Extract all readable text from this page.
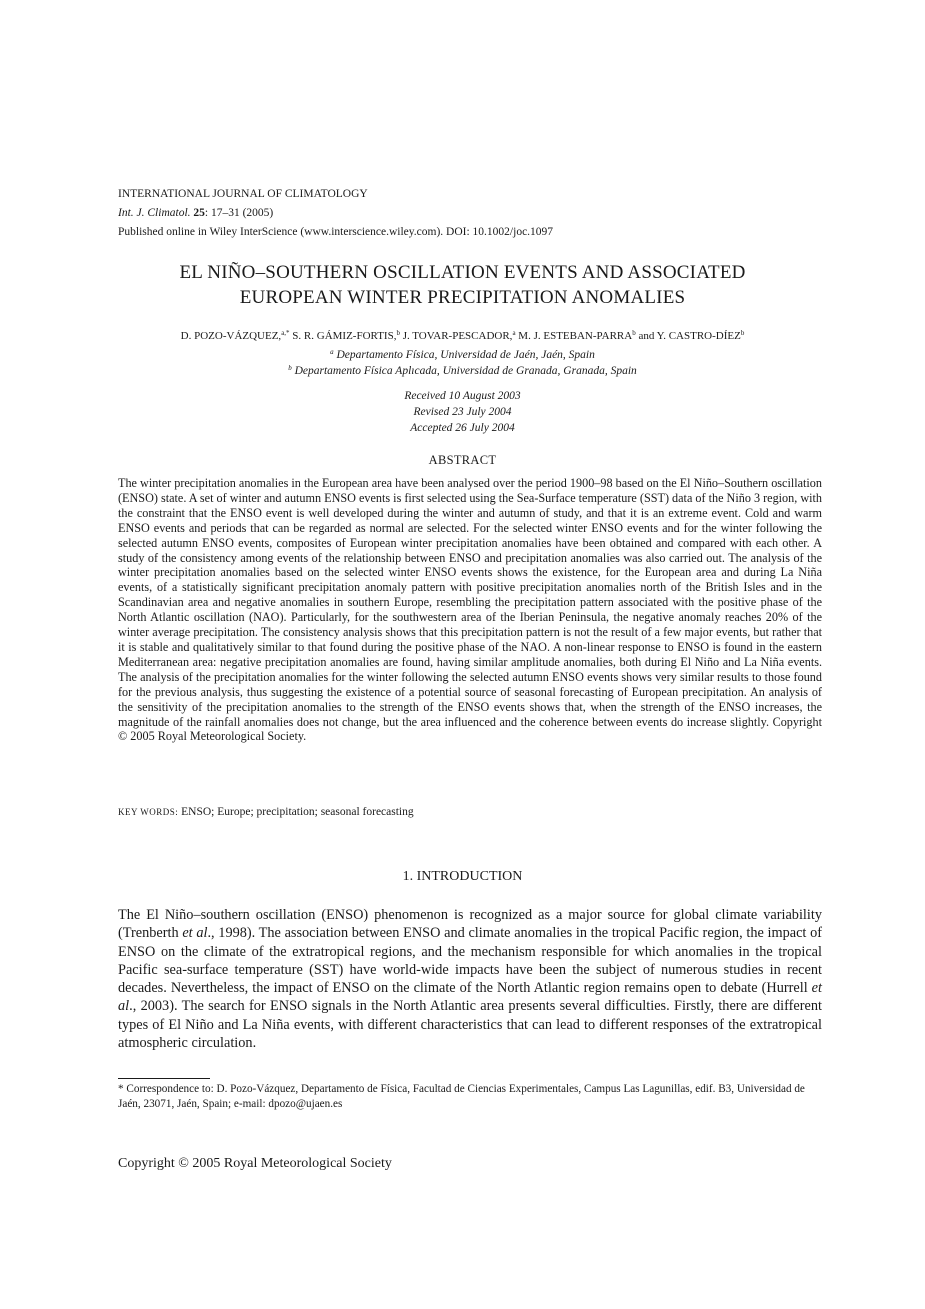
INTERNATIONAL JOURNAL OF CLIMATOLOGY
Int. J. Climatol. 25: 17–31 (2005)
Published online in Wiley InterScience (www.interscience.wiley.com). DOI: 10.1002/joc.1097
EL NIÑO–SOUTHERN OSCILLATION EVENTS AND ASSOCIATED
EUROPEAN WINTER PRECIPITATION ANOMALIES
D. POZO-VÁZQUEZ,$^{a,*}$ S. R. GÁMIZ-FORTIS,$^b$ J. TOVAR-PESCADOR,$^a$ M. J. ESTEBAN-PARRA$^b$ and Y. CASTRO-DÍEZ$^b$
$^a$ Departamento Física, Universidad de Jaén, Jaén, Spain
$^b$ Departamento Física Aplıcada, Universidad de Granada, Granada, Spain
Received 10 August 2003
Revised 23 July 2004
Accepted 26 July 2004
ABSTRACT
The winter precipitation anomalies in the European area have been analysed over the period 1900–98 based on the El Niño–Southern oscillation (ENSO) state. A set of winter and autumn ENSO events is first selected using the Sea-Surface temperature (SST) data of the Niño 3 region, with the constraint that the ENSO event is well developed during the winter and autumn of study, and that it is an extreme event. Cold and warm ENSO events and periods that can be regarded as normal are selected. For the selected winter ENSO events and for the winter following the selected autumn ENSO events, composites of European winter precipitation anomalies have been obtained and compared with each other. A study of the consistency among events of the relationship between ENSO and precipitation anomalies was also carried out. The analysis of the winter precipitation anomalies based on the selected winter ENSO events shows the existence, for the European area and during La Niña events, of a statistically significant precipitation anomaly pattern with positive precipitation anomalies north of the British Isles and in the Scandinavian area and negative anomalies in southern Europe, resembling the precipitation pattern associated with the positive phase of the North Atlantic oscillation (NAO). Particularly, for the southwestern area of the Iberian Peninsula, the negative anomaly reaches 20% of the winter average precipitation. The consistency analysis shows that this precipitation pattern is not the result of a few major events, but rather that it is stable and qualitatively similar to that found during the positive phase of the NAO. A non-linear response to ENSO is found in the eastern Mediterranean area: negative precipitation anomalies are found, having similar amplitude anomalies, both during El Niño and La Niña events. The analysis of the precipitation anomalies for the winter following the selected autumn ENSO events shows very similar results to those found for the previous analysis, thus suggesting the existence of a potential source of seasonal forecasting of European precipitation. An analysis of the sensitivity of the precipitation anomalies to the strength of the ENSO events shows that, when the strength of the ENSO increases, the magnitude of the rainfall anomalies does not change, but the area influenced and the coherence between events do increase slightly. Copyright © 2005 Royal Meteorological Society.
KEY WORDS: ENSO; Europe; precipitation; seasonal forecasting
1. INTRODUCTION
The El Niño–southern oscillation (ENSO) phenomenon is recognized as a major source for global climate variability (Trenberth et al., 1998). The association between ENSO and climate anomalies in the tropical Pacific region, the impact of ENSO on the climate of the extratropical regions, and the mechanism responsible for which anomalies in the tropical Pacific sea-surface temperature (SST) have world-wide impacts have been the subject of numerous studies in recent decades. Nevertheless, the impact of ENSO on the climate of the North Atlantic region remains open to debate (Hurrell et al., 2003). The search for ENSO signals in the North Atlantic area presents several difficulties. Firstly, there are different types of El Niño and La Niña events, with different characteristics that can lead to different responses of the extratropical atmospheric circulation.
* Correspondence to: D. Pozo-Vázquez, Departamento de Física, Facultad de Ciencias Experimentales, Campus Las Lagunillas, edif. B3, Universidad de Jaén, 23071, Jaén, Spain; e-mail: dpozo@ujaen.es
Copyright © 2005 Royal Meteorological Society
